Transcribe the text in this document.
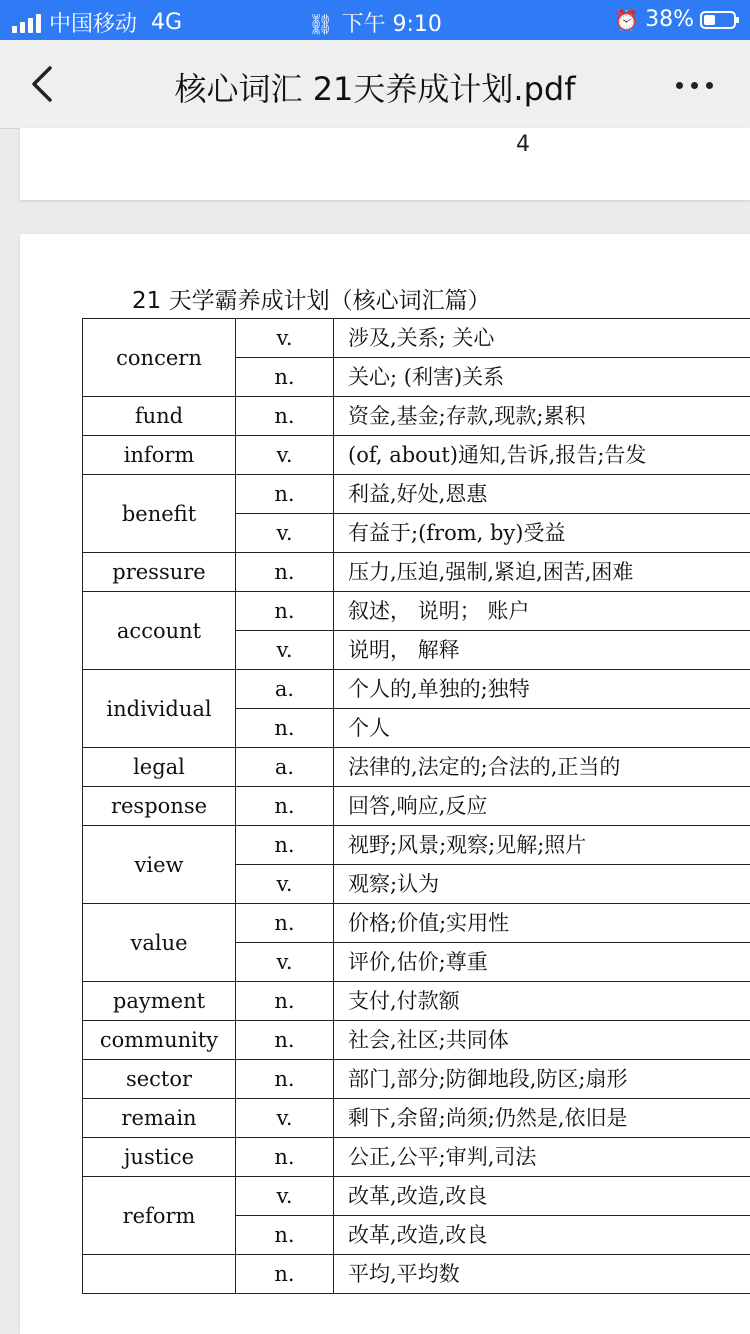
中国移动 4G	⛓ 下午 9:10	⏰ 38%
核心词汇 21天养成计划.pdf
4
21 天学霸养成计划（核心词汇篇）
concern	v.	涉及,关系; 关心
	n.	关心; (利害)关系
fund	n.	资金,基金;存款,现款;累积
inform	v.	(of, about)通知,告诉,报告;告发
benefit	n.	利益,好处,恩惠
	v.	有益于;(from, by)受益
pressure	n.	压力,压迫,强制,紧迫,困苦,困难
account	n.	叙述， 说明； 账户
	v.	说明， 解释
individual	a.	个人的,单独的;独特
	n.	个人
legal	a.	法律的,法定的;合法的,正当的
response	n.	回答,响应,反应
view	n.	视野;风景;观察;见解;照片
	v.	观察;认为
value	n.	价格;价值;实用性
	v.	评价,估价;尊重
payment	n.	支付,付款额
community	n.	社会,社区;共同体
sector	n.	部门,部分;防御地段,防区;扇形
remain	v.	剩下,余留;尚须;仍然是,依旧是
justice	n.	公正,公平;审判,司法
reform	v.	改革,改造,改良
	n.	改革,改造,改良
	n.	平均,平均数
